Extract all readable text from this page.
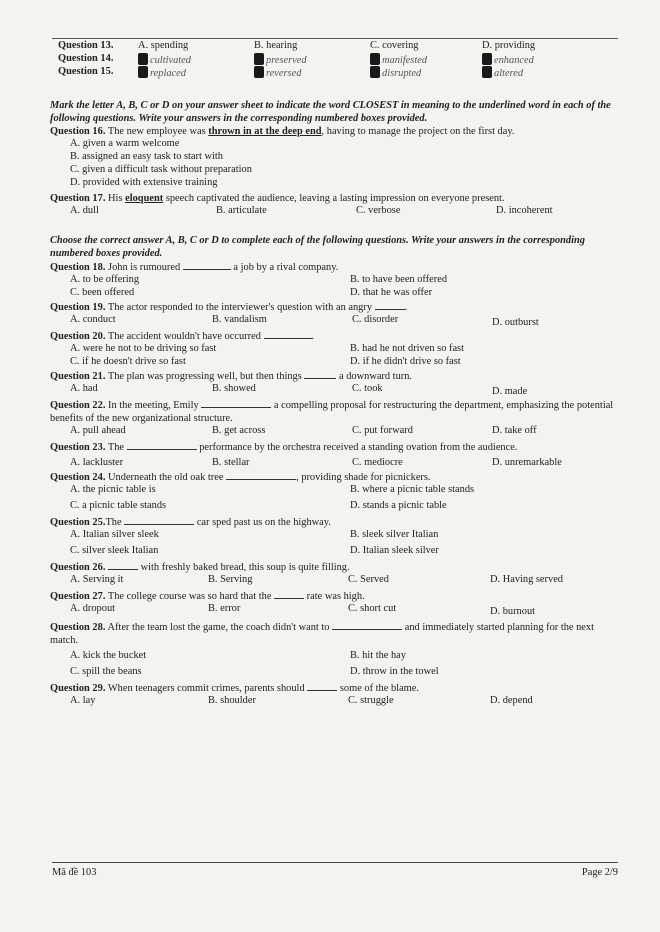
Question 13. A. spending	B. hearing	C. covering	D. providing
Question 14.	cultivated	preserved	manifested	enhanced
Question 15.	replaced	reversed	disrupted	altered
Mark the letter A, B, C or D on your answer sheet to indicate the word CLOSEST in meaning to the underlined word in each of the following questions. Write your answers in the corresponding numbered boxes provided.
Question 16. The new employee was thrown in at the deep end, having to manage the project on the first day.
A. given a warm welcome
B. assigned an easy task to start with
C. given a difficult task without preparation
D. provided with extensive training
Question 17. His eloquent speech captivated the audience, leaving a lasting impression on everyone present.
A. dull	B. articulate	C. verbose	D. incoherent
Choose the correct answer A, B, C or D to complete each of the following questions. Write your answers in the corresponding numbered boxes provided.
Question 18. John is rumoured	a job by a rival company.
A. to be offering	B. to have been offered
C. been offered	D. that he was offer
Question 19. The actor responded to the interviewer's question with an angry	.
A. conduct	B. vandalism	C. disorder	D. outburst
Question 20. The accident wouldn't have occurred	.
A. were he not to be driving so fast	B. had he not driven so fast
C. if he doesn't drive so fast	D. if he didn't drive so fast
Question 21. The plan was progressing well, but then things	a downward turn.
A. had	B. showed	C. took	D. made
Question 22. In the meeting, Emily	a compelling proposal for restructuring the department, emphasizing the potential benefits of the new organizational structure.
A. pull ahead	B. get across	C. put forward	D. take off
Question 23. The	performance by the orchestra received a standing ovation from the audience.
A. lackluster	B. stellar	C. mediocre	D. unremarkable
Question 24. Underneath the old oak tree	, providing shade for picnickers.
A. the picnic table is	B. where a picnic table stands
C. a picnic table stands	D. stands a picnic table
Question 25.The	car sped past us on the highway.
A. Italian silver sleek	B. sleek silver Italian
C. silver sleek Italian	D. Italian sleek silver
Question 26.	with freshly baked bread, this soup is quite filling.
A. Serving it	B. Serving	C. Served	D. Having served
Question 27. The college course was so hard that the	rate was high.
A. dropout	B. error	C. short cut	D. burnout
Question 28. After the team lost the game, the coach didn't want to	and immediately started planning for the next match.
A. kick the bucket	B. hit the hay
C. spill the beans	D. throw in the towel
Question 29. When teenagers commit crimes, parents should	some of the blame.
A. lay	B. shoulder	C. struggle	D. depend
Mã đề 103	Page 2/9
